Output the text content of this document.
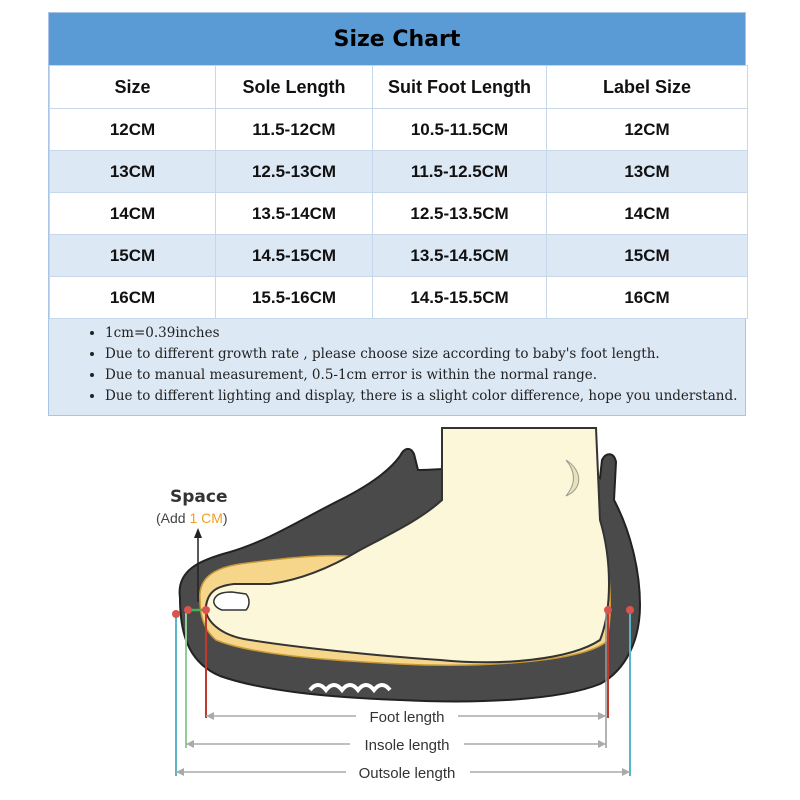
Size Chart
Size	Sole Length	Suit Foot Length	Label Size
12CM	11.5-12CM	10.5-11.5CM	12CM
13CM	12.5-13CM	11.5-12.5CM	13CM
14CM	13.5-14CM	12.5-13.5CM	14CM
15CM	14.5-15CM	13.5-14.5CM	15CM
16CM	15.5-16CM	14.5-15.5CM	16CM
• 1cm=0.39inches
• Due to different growth rate , please choose size according to baby's foot length.
• Due to manual measurement, 0.5-1cm error is within the normal range.
• Due to different lighting and display, there is a slight color difference, hope you understand.
Space
(Add 1 CM)
Foot length
Insole length
Outsole length
